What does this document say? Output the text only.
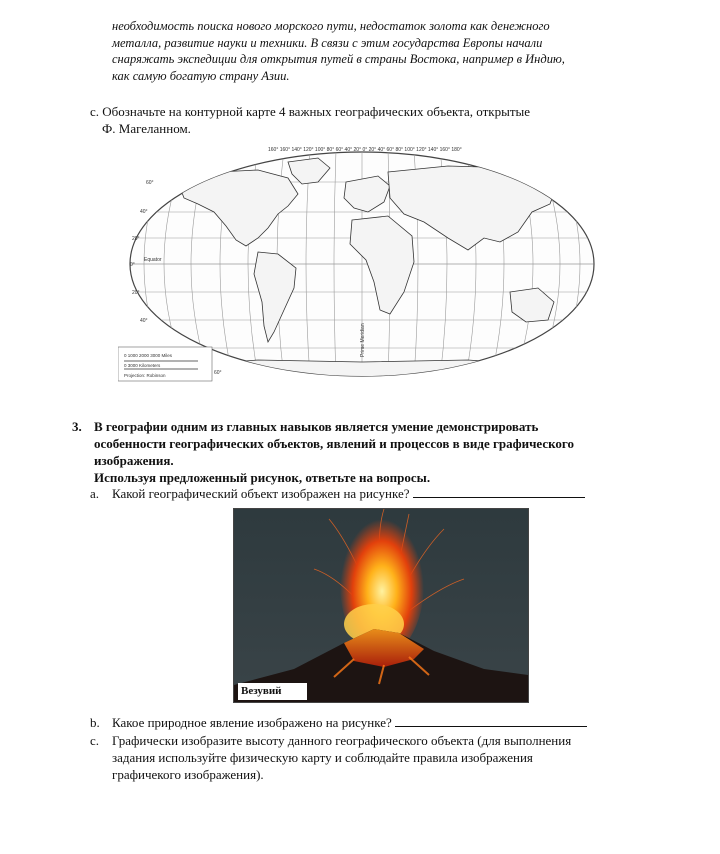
необходимость поиска нового морского пути, недостаток золота как денежного

металла, развитие науки и техники. В связи с этим государства Европы начали

снаряжать экспедиции для открытия путей в страны Востока, например в Индию,

как самую богатую страну Азии.

c. Обозначьте на контурной карте 4 важных географических объекта, открытые
Ф. Магеланном.
160° 160° 140° 120° 100° 80° 60° 40° 20° 0° 20° 40° 60° 80° 100° 120° 140° 160° 180°
60°
40°
20°
0°
20°
40°
60°
Equator
Prime Meridian
0 1000 2000 3000 Miles
0 3000 Kilometers
Projection: Robinson
3. В географии одним из главных навыков является умение демонстрировать
особенности географических объектов, явлений и процессов в виде графического
изображения.
Используя предложенный рисунок, ответьте на вопросы.
a. Какой географический объект изображен на рисунке?
Везувий
b. Какое природное явление изображено на рисунке?
c. Графически изобразите высоту данного географического объекта (для выполнения
задания используйте физическую карту и соблюдайте правила изображения
графичекого изображения).
